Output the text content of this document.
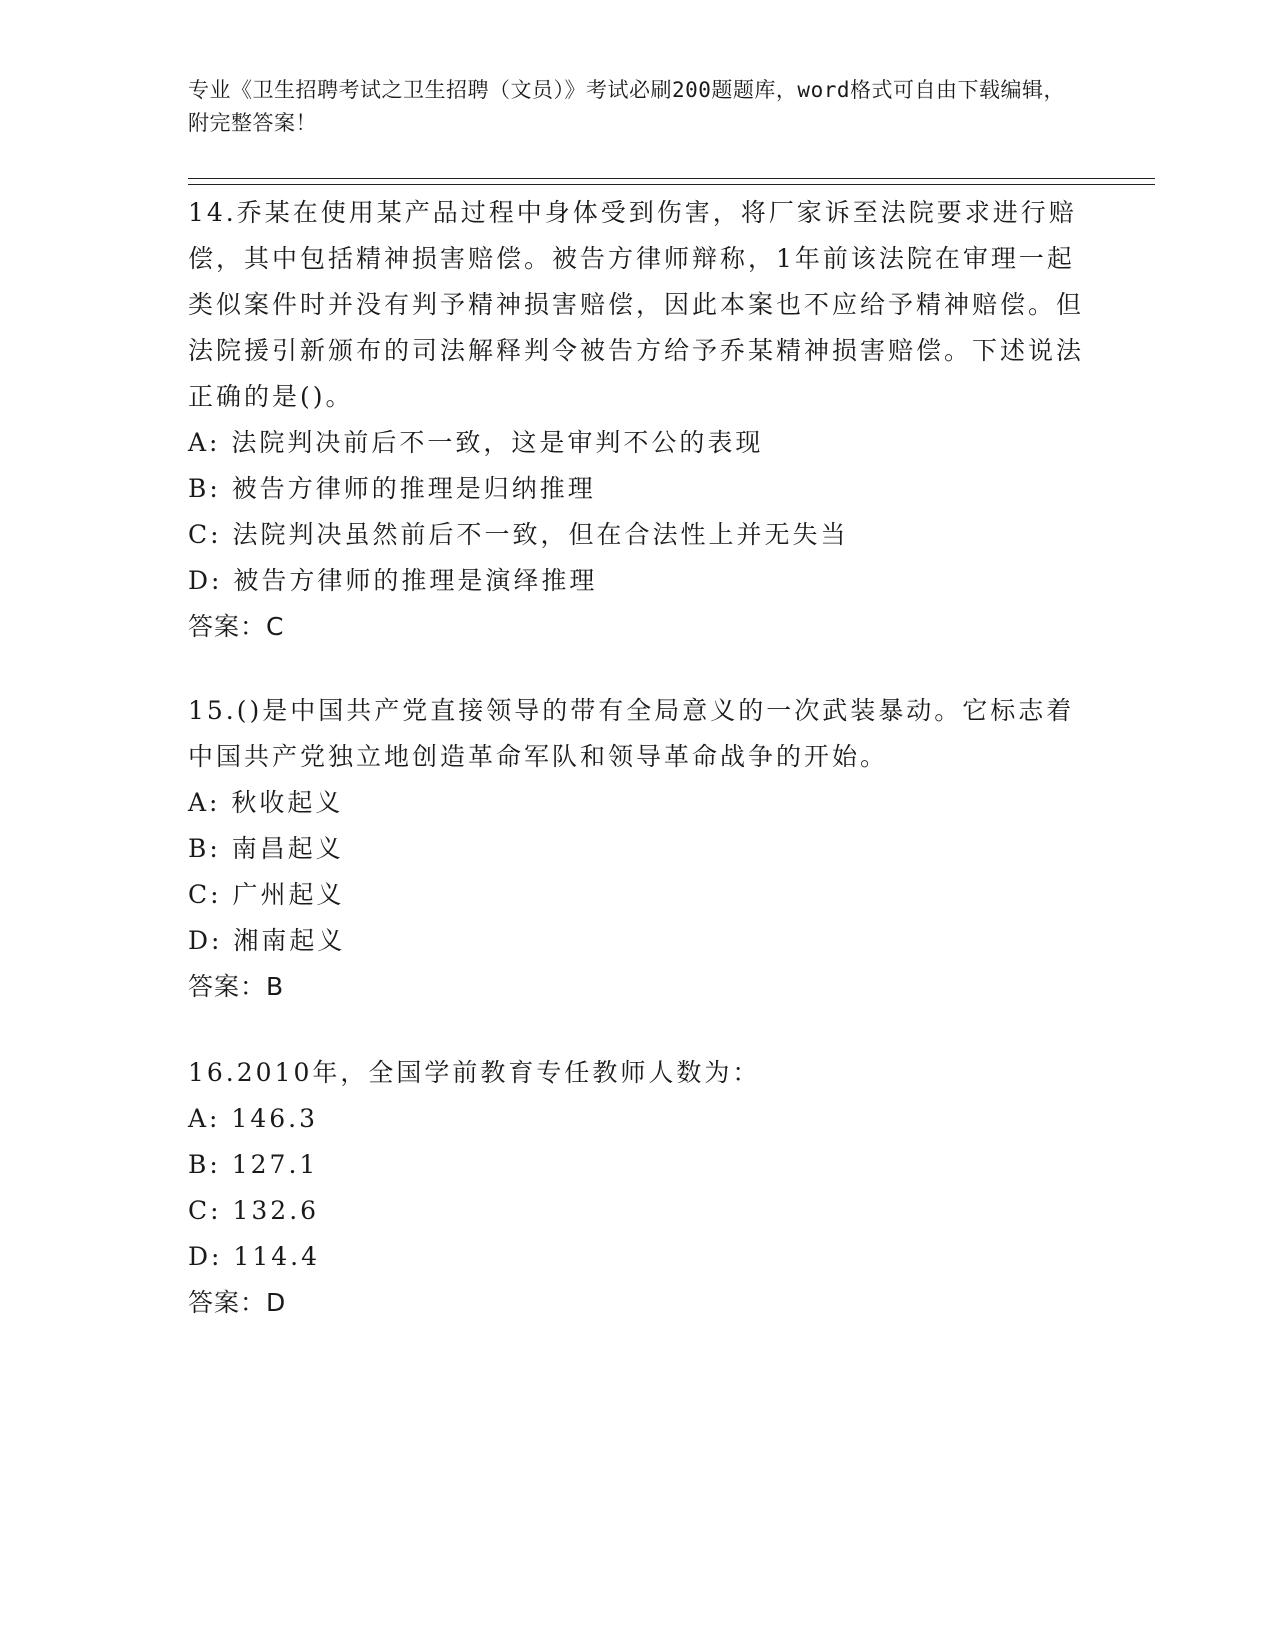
专业《卫生招聘考试之卫生招聘（文员）》考试必刷200题题库，word格式可自由下载编辑，附完整答案！

14.乔某在使用某产品过程中身体受到伤害，将厂家诉至法院要求进行赔偿，其中包括精神损害赔偿。被告方律师辩称，1年前该法院在审理一起类似案件时并没有判予精神损害赔偿，因此本案也不应给予精神赔偿。但法院援引新颁布的司法解释判令被告方给予乔某精神损害赔偿。下述说法正确的是()。

A: 法院判决前后不一致，这是审判不公的表现

B: 被告方律师的推理是归纳推理

C: 法院判决虽然前后不一致，但在合法性上并无失当

D: 被告方律师的推理是演绎推理

答案：C

15.()是中国共产党直接领导的带有全局意义的一次武装暴动。它标志着中国共产党独立地创造革命军队和领导革命战争的开始。

A: 秋收起义

B: 南昌起义

C: 广州起义

D: 湘南起义

答案：B

16.2010年，全国学前教育专任教师人数为：

A: 146.3

B: 127.1

C: 132.6

D: 114.4

答案：D
